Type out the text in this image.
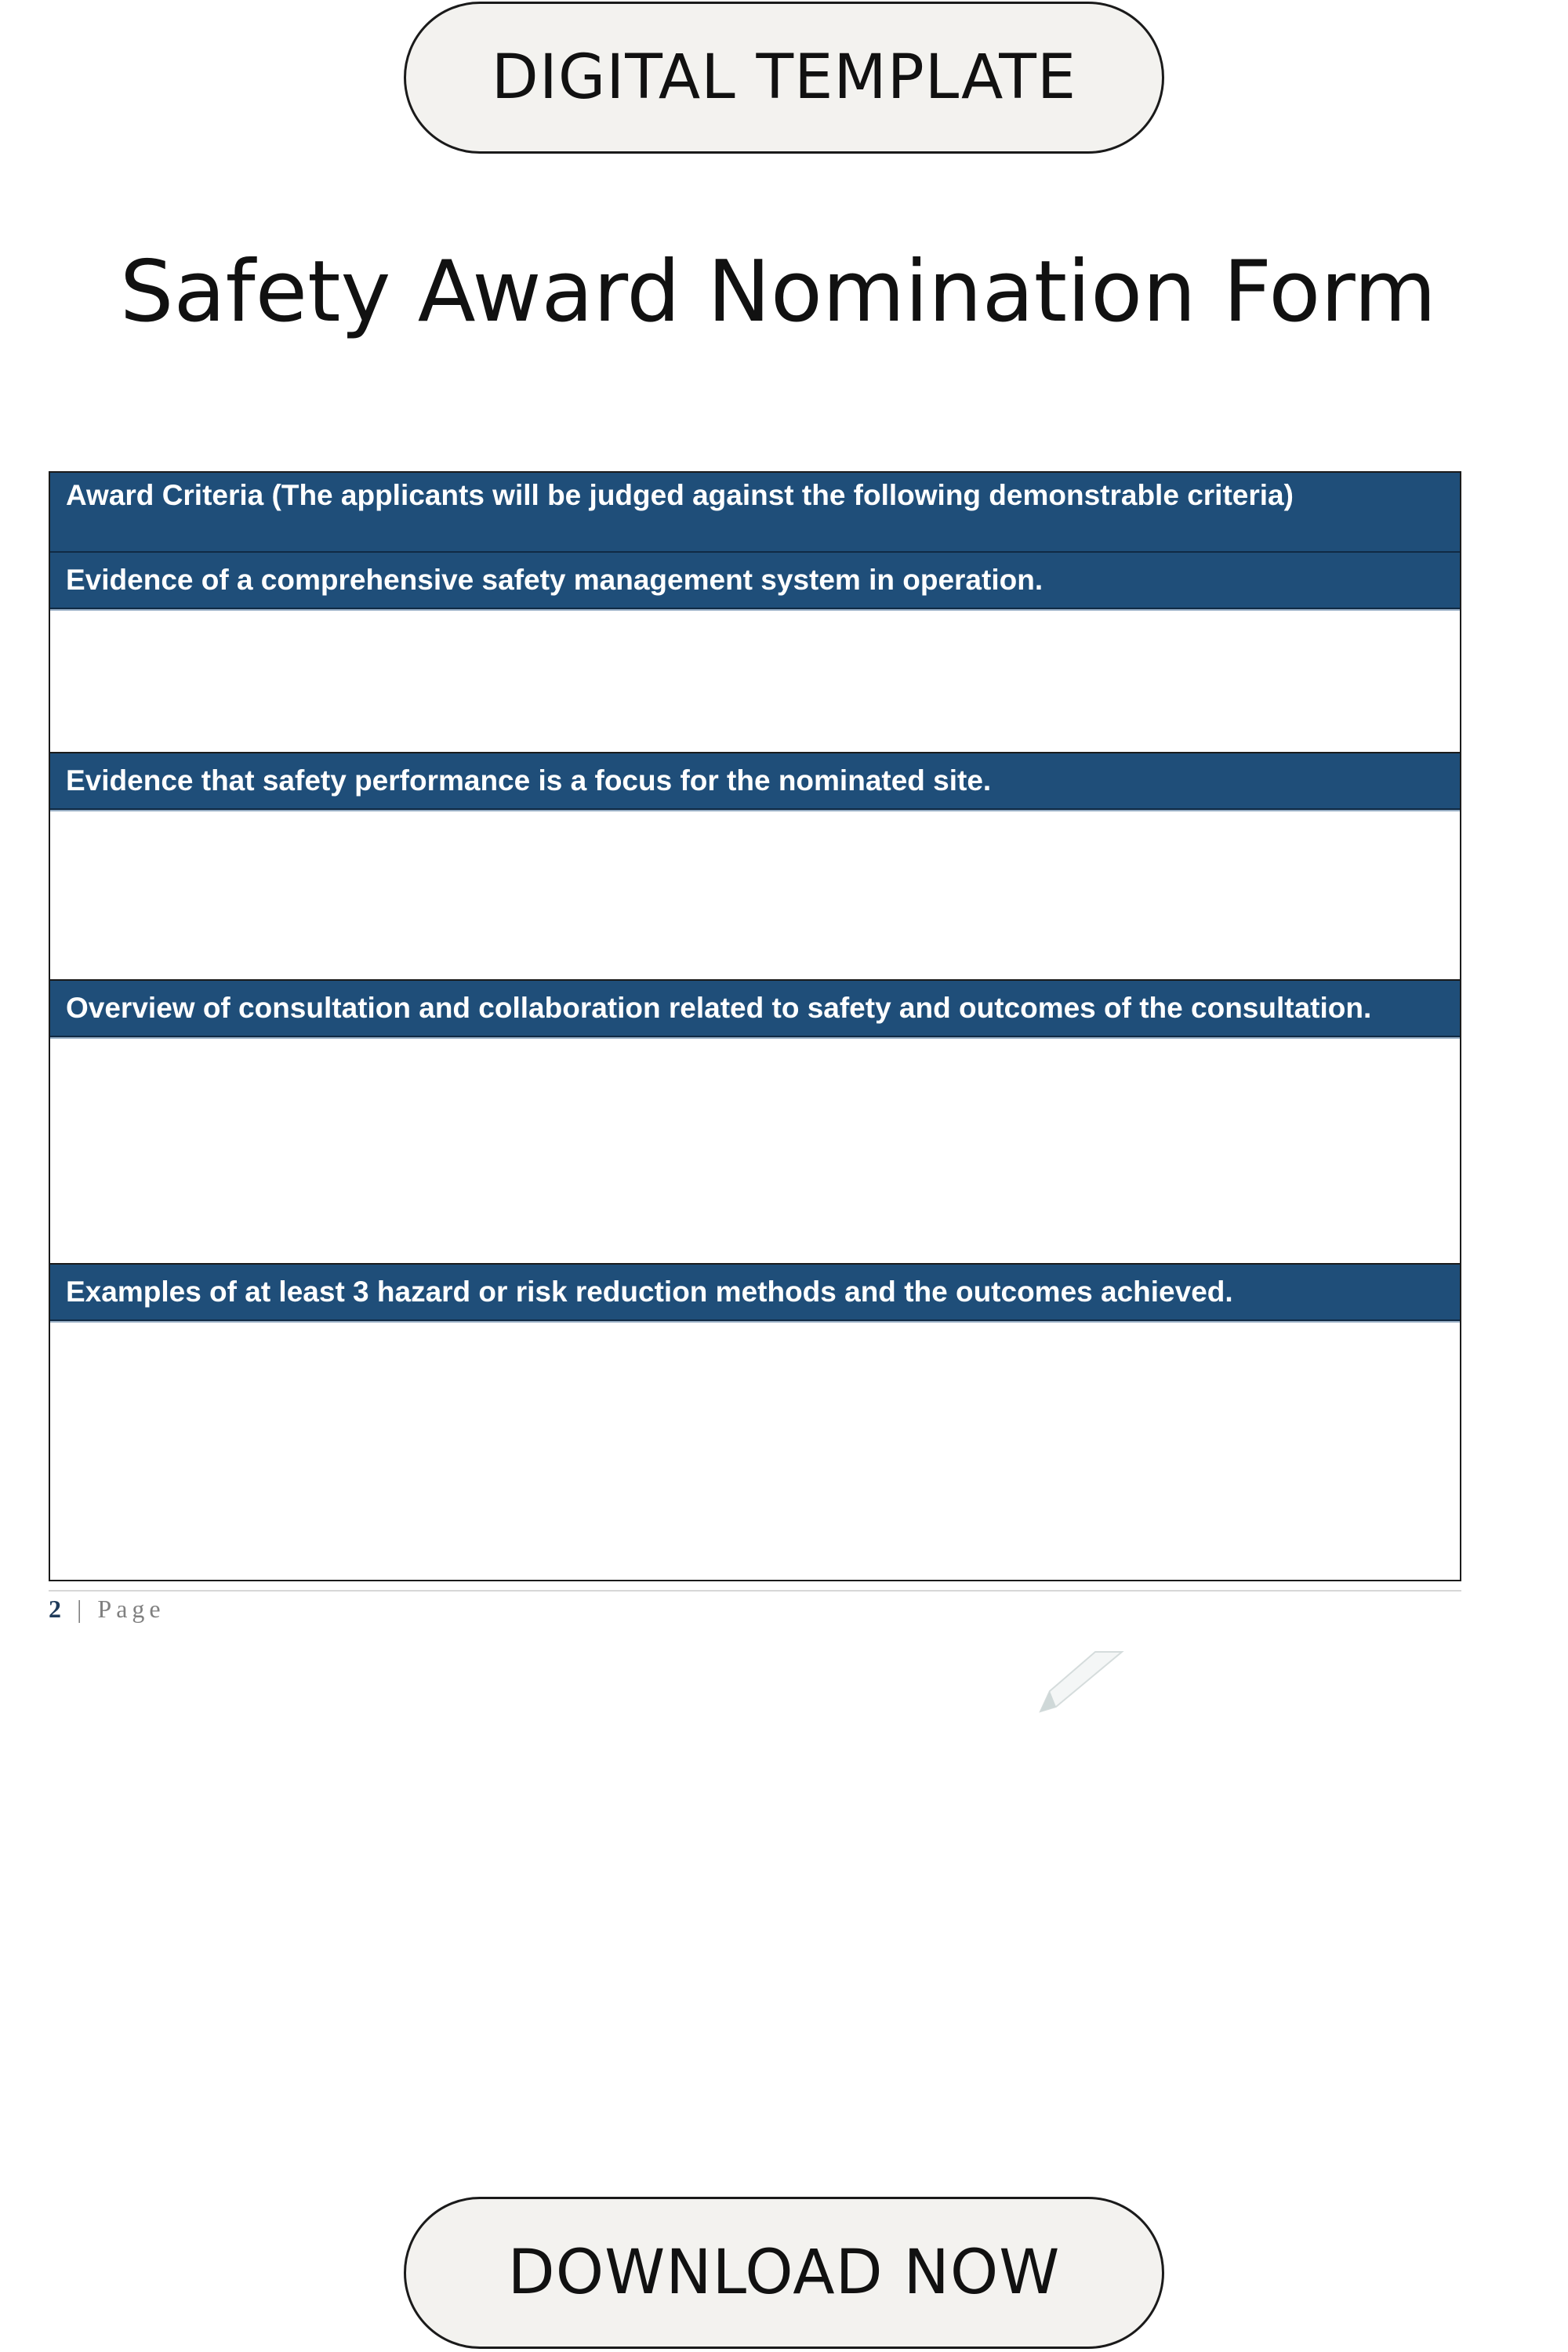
DIGITAL TEMPLATE
Safety Award Nomination Form
Award Criteria (The applicants will be judged against the following demonstrable criteria)
Evidence of a comprehensive safety management system in operation.
Evidence that safety performance is a focus for the nominated site.
Overview of consultation and collaboration related to safety and outcomes of the consultation.
Examples of at least 3 hazard or risk reduction methods and the outcomes achieved.
2 | Page
DOWNLOAD NOW
